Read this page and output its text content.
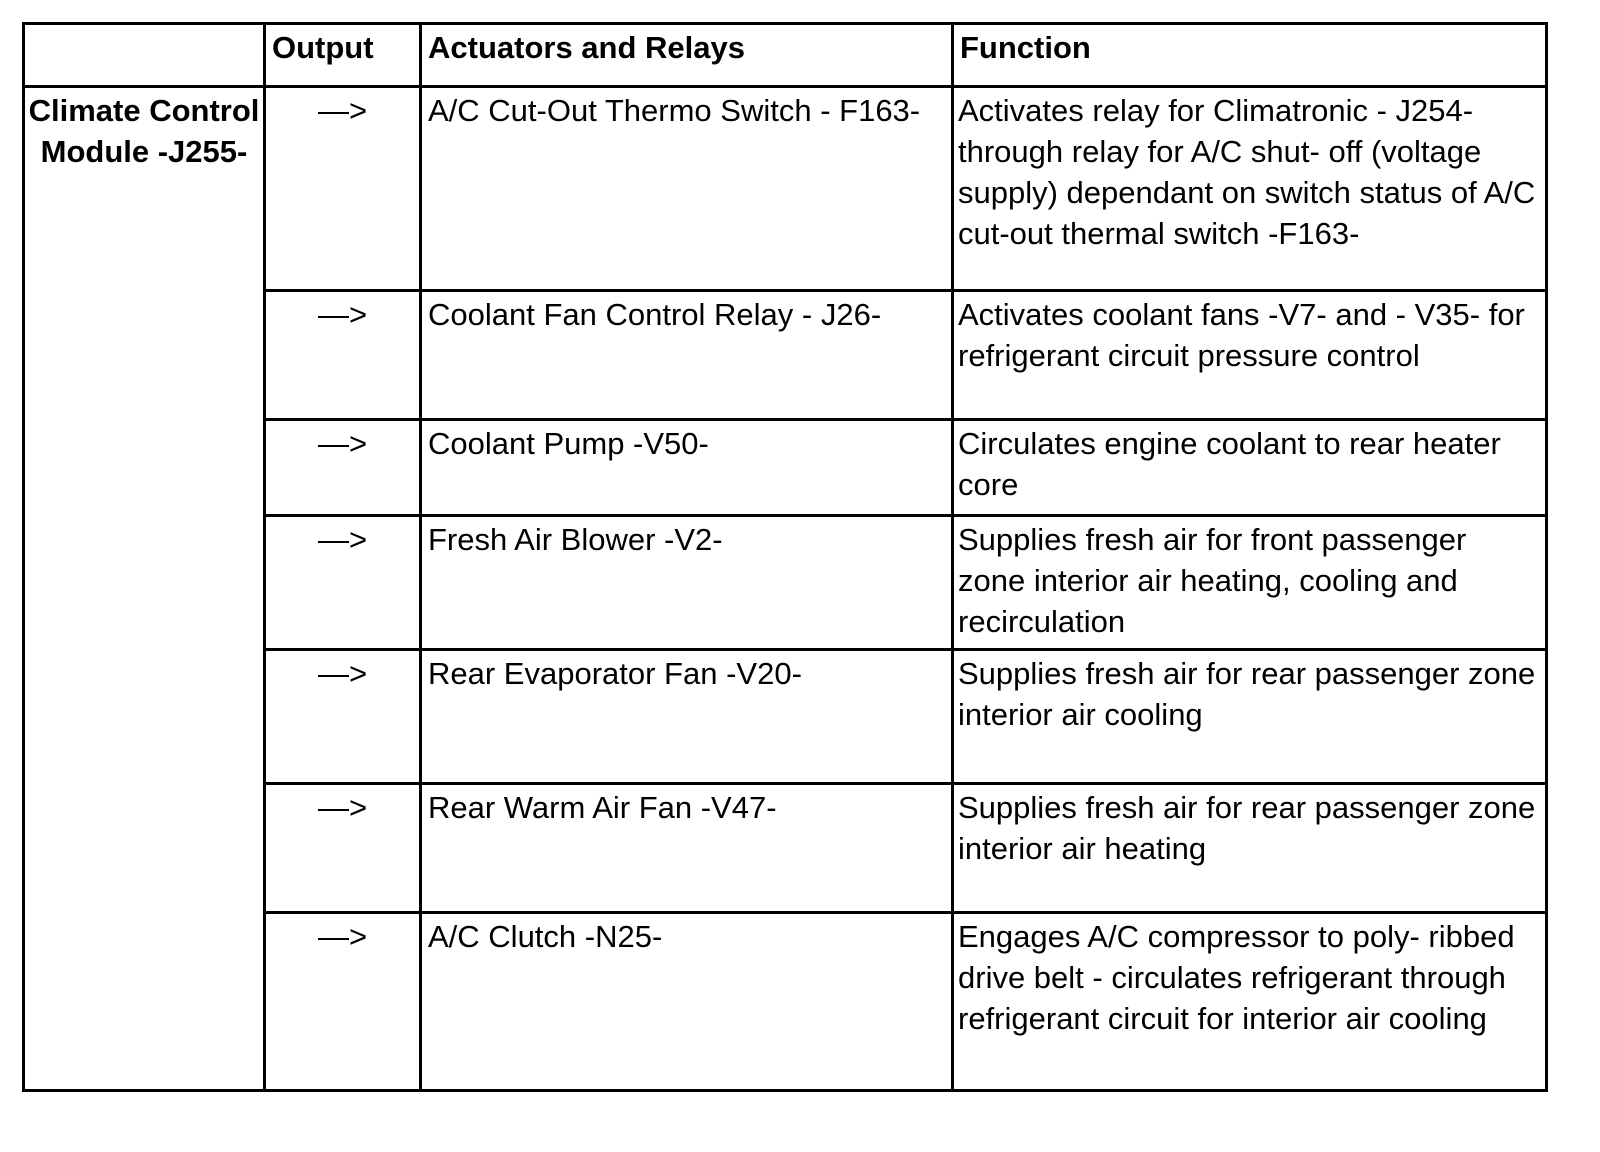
	Output	Actuators and Relays	Function
Climate Control Module -J255-	—>	A/C Cut-Out Thermo Switch - F163-	Activates relay for Climatronic - J254- through relay for A/C shut- off (voltage supply) dependant on switch status of A/C cut-out thermal switch -F163-
	—>	Coolant Fan Control Relay - J26-	Activates coolant fans -V7- and - V35- for refrigerant circuit pressure control
	—>	Coolant Pump -V50-	Circulates engine coolant to rear heater core
	—>	Fresh Air Blower -V2-	Supplies fresh air for front passenger zone interior air heating, cooling and recirculation
	—>	Rear Evaporator Fan -V20-	Supplies fresh air for rear passenger zone interior air cooling
	—>	Rear Warm Air Fan -V47-	Supplies fresh air for rear passenger zone interior air heating
	—>	A/C Clutch -N25-	Engages A/C compressor to poly- ribbed drive belt - circulates refrigerant through refrigerant circuit for interior air cooling
